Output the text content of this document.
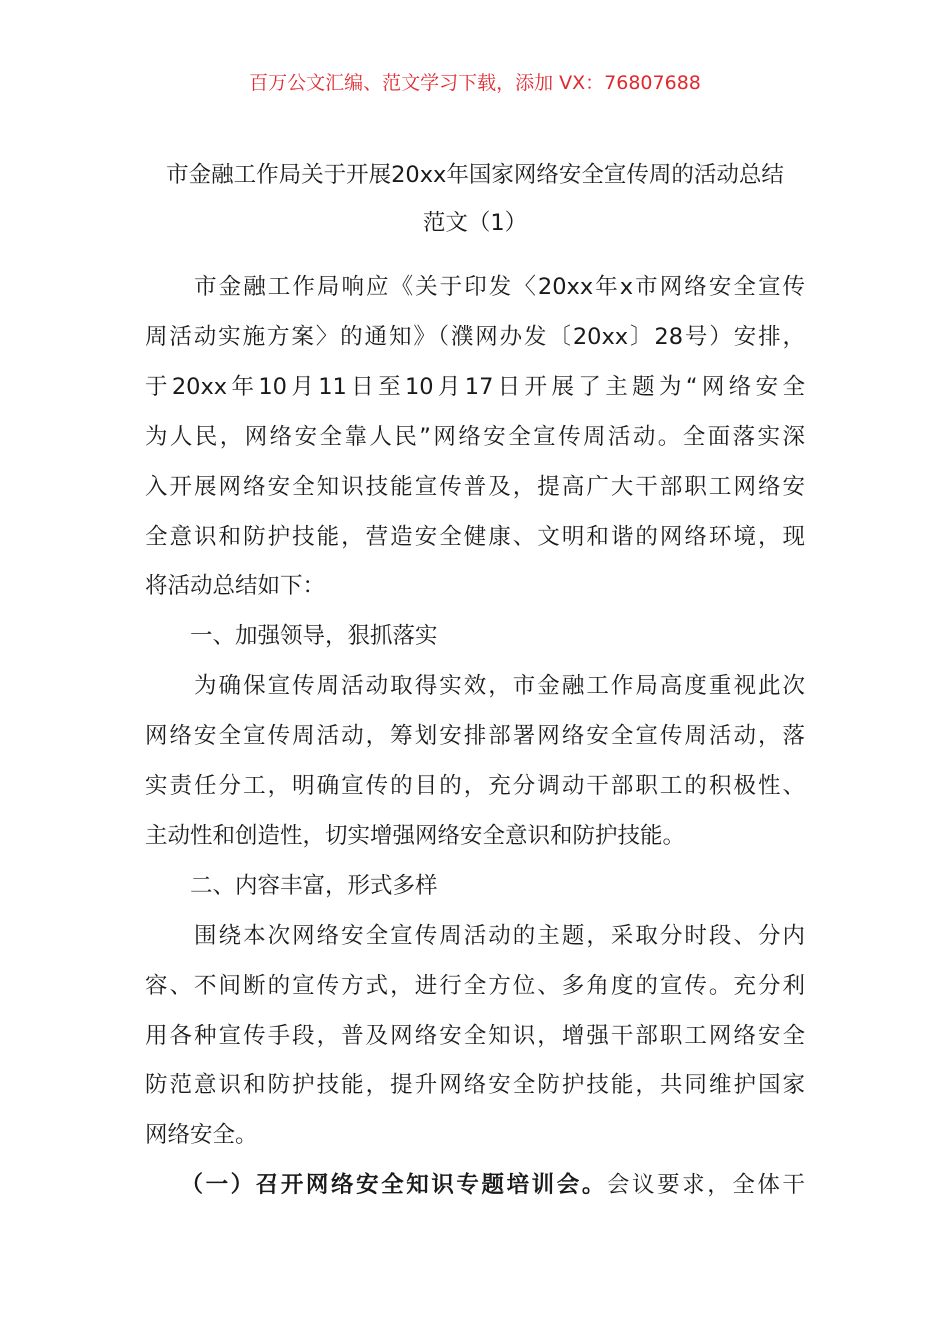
百万公文汇编、范文学习下载，添加 VX：76807688
市金融工作局关于开展20xx年国家网络安全宣传周的活动总结
范文（1）
　　市金融工作局响应《关于印发〈20xx年x市网络安全宣传
周活动实施方案〉的通知》（濮网办发〔20xx〕28号）安排，
于20xx年10月11日至10月17日开展了主题为“网络安全
为人民，网络安全靠人民”网络安全宣传周活动。全面落实深
入开展网络安全知识技能宣传普及，提高广大干部职工网络安
全意识和防护技能，营造安全健康、文明和谐的网络环境，现
将活动总结如下：
　　一、加强领导，狠抓落实
　　为确保宣传周活动取得实效，市金融工作局高度重视此次
网络安全宣传周活动，筹划安排部署网络安全宣传周活动，落
实责任分工，明确宣传的目的，充分调动干部职工的积极性、
主动性和创造性，切实增强网络安全意识和防护技能。
　　二、内容丰富，形式多样
　　围绕本次网络安全宣传周活动的主题，采取分时段、分内
容、不间断的宣传方式，进行全方位、多角度的宣传。充分利
用各种宣传手段，普及网络安全知识，增强干部职工网络安全
防范意识和防护技能，提升网络安全防护技能，共同维护国家
网络安全。
　 （一）召开网络安全知识专题培训会。会议要求，全体干
